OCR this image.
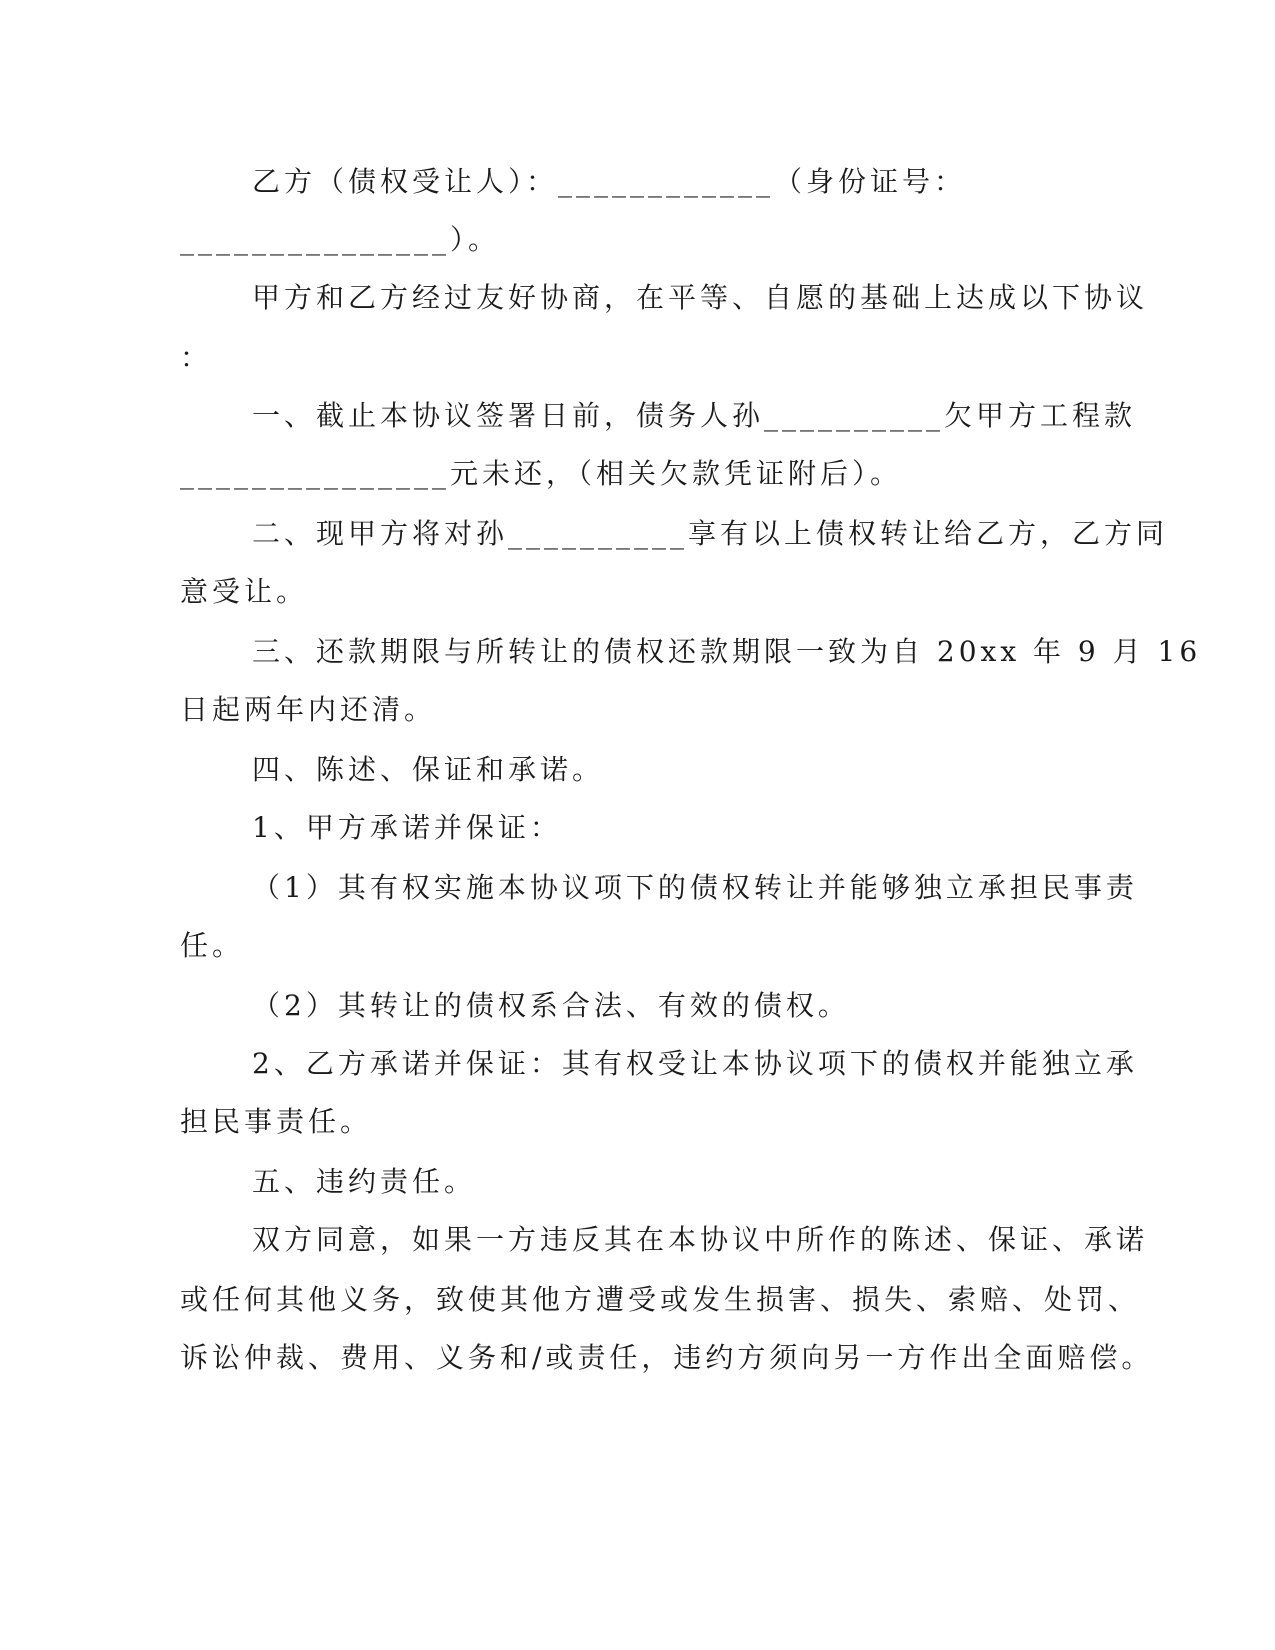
乙方（债权受让人）：____________（身份证号：
_______________）。
甲方和乙方经过友好协商，在平等、自愿的基础上达成以下协议
：
一、截止本协议签署日前，债务人孙__________欠甲方工程款
_______________元未还，（相关欠款凭证附后）。
二、现甲方将对孙__________享有以上债权转让给乙方，乙方同
意受让。
三、还款期限与所转让的债权还款期限一致为自 20xx 年 9 月 16
日起两年内还清。
四、陈述、保证和承诺。
1、甲方承诺并保证：
（1）其有权实施本协议项下的债权转让并能够独立承担民事责
任。
（2）其转让的债权系合法、有效的债权。
2、乙方承诺并保证：其有权受让本协议项下的债权并能独立承
担民事责任。
五、违约责任。
双方同意，如果一方违反其在本协议中所作的陈述、保证、承诺
或任何其他义务，致使其他方遭受或发生损害、损失、索赔、处罚、
诉讼仲裁、费用、义务和/或责任，违约方须向另一方作出全面赔偿。
